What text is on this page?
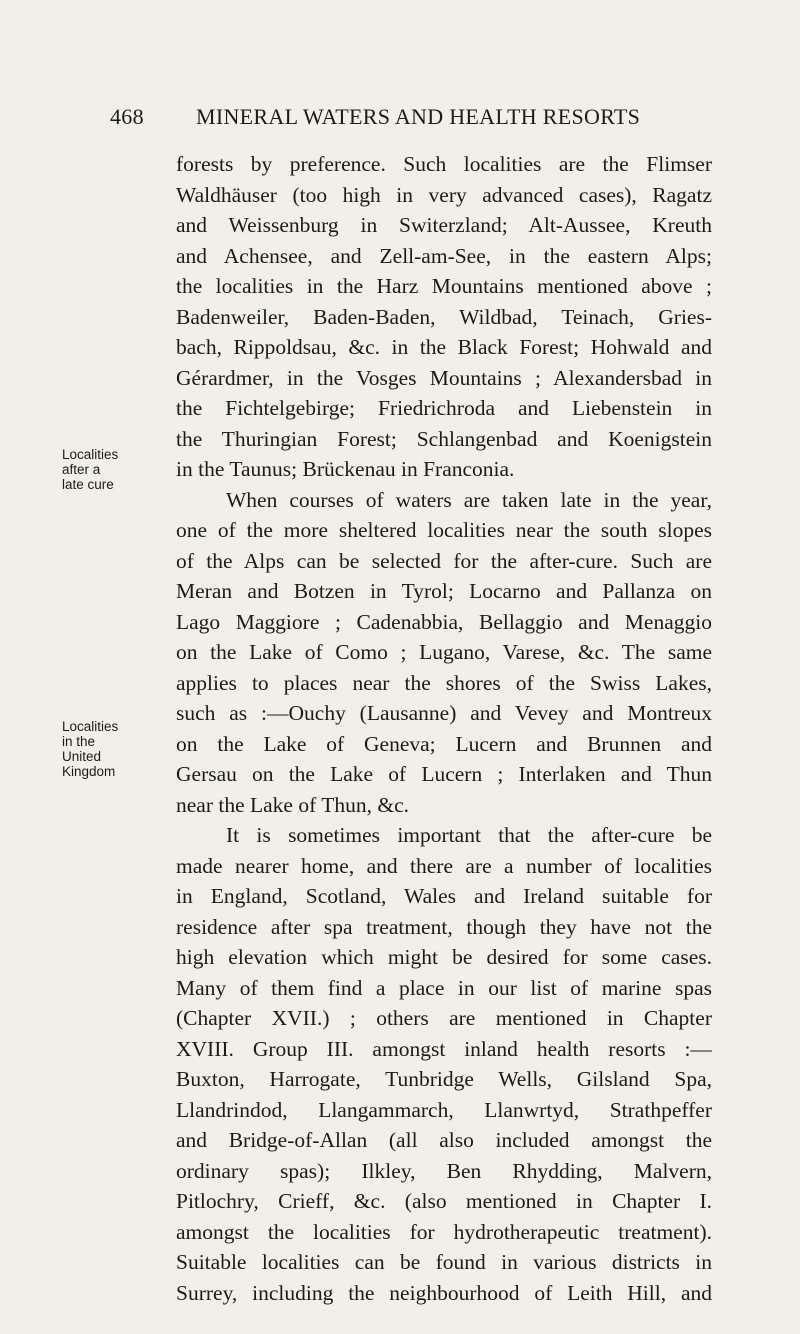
468	MINERAL WATERS AND HEALTH RESORTS
Localities
after a
late cure
Localities
in the
United
Kingdom
forests by preference. Such localities are the Flimser
Waldhäuser (too high in very advanced cases), Ragatz
and Weissenburg in Switerzland; Alt-Aussee, Kreuth
and Achensee, and Zell-am-See, in the eastern Alps;
the localities in the Harz Mountains mentioned above ;
Badenweiler, Baden-Baden, Wildbad, Teinach, Gries-
bach, Rippoldsau, &c. in the Black Forest; Hohwald and
Gérardmer, in the Vosges Mountains ; Alexandersbad in
the Fichtelgebirge; Friedrichroda and Liebenstein in
the Thuringian Forest; Schlangenbad and Koenigstein
in the Taunus; Brückenau in Franconia.
When courses of waters are taken late in the year,
one of the more sheltered localities near the south slopes
of the Alps can be selected for the after-cure. Such are
Meran and Botzen in Tyrol; Locarno and Pallanza on
Lago Maggiore ; Cadenabbia, Bellaggio and Menaggio
on the Lake of Como ; Lugano, Varese, &c. The same
applies to places near the shores of the Swiss Lakes,
such as :—Ouchy (Lausanne) and Vevey and Montreux
on the Lake of Geneva; Lucern and Brunnen and
Gersau on the Lake of Lucern ; Interlaken and Thun
near the Lake of Thun, &c.
It is sometimes important that the after-cure be
made nearer home, and there are a number of localities
in England, Scotland, Wales and Ireland suitable for
residence after spa treatment, though they have not the
high elevation which might be desired for some cases.
Many of them find a place in our list of marine spas
(Chapter XVII.) ; others are mentioned in Chapter
XVIII. Group III. amongst inland health resorts :—
Buxton, Harrogate, Tunbridge Wells, Gilsland Spa,
Llandrindod, Llangammarch, Llanwrtyd, Strathpeffer
and Bridge-of-Allan (all also included amongst the
ordinary spas); Ilkley, Ben Rhydding, Malvern,
Pitlochry, Crieff, &c. (also mentioned in Chapter I.
amongst the localities for hydrotherapeutic treatment).
Suitable localities can be found in various districts in
Surrey, including the neighbourhood of Leith Hill, and
